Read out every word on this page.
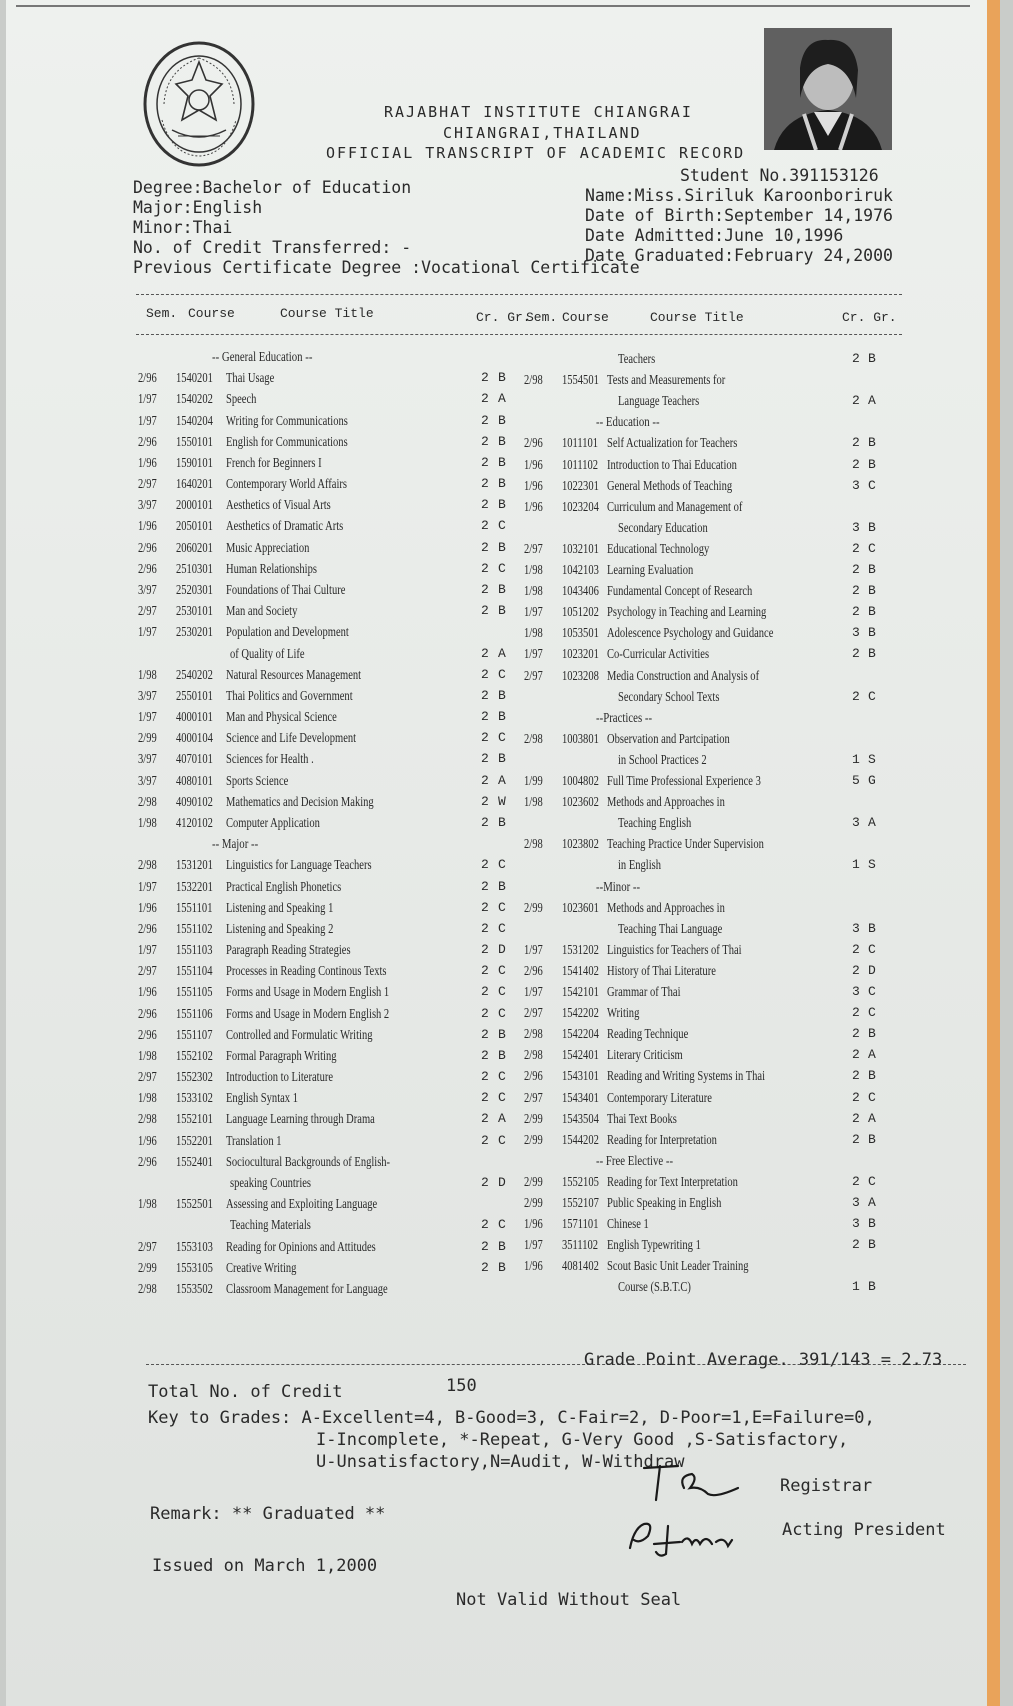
RAJABHAT INSTITUTE CHIANGRAI
CHIANGRAI,THAILAND
OFFICIAL TRANSCRIPT OF ACADEMIC RECORD
Student No.391153126
Name:Miss.Siriluk Karoonboriruk
Date of Birth:September 14,1976
Date Admitted:June 10,1996
Date Graduated:February 24,2000
Degree:Bachelor of Education
Major:English
Minor:Thai
No. of Credit Transferred: -
Previous Certificate Degree :Vocational Certificate
Sem. Course	Course Title	Cr. Gr.
Sem. Course	Course Title	Cr. Gr.
-- General Education --
2/96 1540201 Thai Usage	2 B
1/97 1540202 Speech	2 A
1/97 1540204 Writing for Communications	2 B
2/96 1550101 English for Communications	2 B
1/96 1590101 French for Beginners I	2 B
2/97 1640201 Contemporary World Affairs	2 B
3/97 2000101 Aesthetics of Visual Arts	2 B
1/96 2050101 Aesthetics of Dramatic Arts	2 C
2/96 2060201 Music Appreciation	2 B
2/96 2510301 Human Relationships	2 C
3/97 2520301 Foundations of Thai Culture	2 B
2/97 2530101 Man and Society	2 B
1/97 2530201 Population and Development
of Quality of Life	2 A
1/98 2540202 Natural Resources Management	2 C
3/97 2550101 Thai Politics and Government	2 B
1/97 4000101 Man and Physical Science	2 B
2/99 4000104 Science and Life Development	2 C
3/97 4070101 Sciences for Health .	2 B
3/97 4080101 Sports Science	2 A
2/98 4090102 Mathematics and Decision Making	2 W
1/98 4120102 Computer Application	2 B
-- Major --
2/98 1531201 Linguistics for Language Teachers	2 C
1/97 1532201 Practical English Phonetics	2 B
1/96 1551101 Listening and Speaking 1	2 C
2/96 1551102 Listening and Speaking 2	2 C
1/97 1551103 Paragraph Reading Strategies	2 D
2/97 1551104 Processes in Reading Continous Texts	2 C
1/96 1551105 Forms and Usage in Modern English 1	2 C
2/96 1551106 Forms and Usage in Modern English 2	2 C
2/96 1551107 Controlled and Formulatic Writing	2 B
1/98 1552102 Formal Paragraph Writing	2 B
2/97 1552302 Introduction to Literature	2 C
1/98 1533102 English Syntax 1	2 C
2/98 1552101 Language Learning through Drama	2 A
1/96 1552201 Translation 1	2 C
2/96 1552401 Sociocultural Backgrounds of English-
speaking Countries	2 D
1/98 1552501 Assessing and Exploiting Language
Teaching Materials	2 C
2/97 1553103 Reading for Opinions and Attitudes	2 B
2/99 1553105 Creative Writing	2 B
2/98 1553502 Classroom Management for Language
Teachers	2 B
2/98 1554501 Tests and Measurements for
Language Teachers	2 A
-- Education --
2/96 1011101 Self Actualization for Teachers	2 B
1/96 1011102 Introduction to Thai Education	2 B
1/96 1022301 General Methods of Teaching	3 C
1/96 1023204 Curriculum and Management of
Secondary Education	3 B
2/97 1032101 Educational Technology	2 C
1/98 1042103 Learning Evaluation	2 B
1/98 1043406 Fundamental Concept of Research	2 B
1/97 1051202 Psychology in Teaching and Learning	2 B
1/98 1053501 Adolescence Psychology and Guidance	3 B
1/97 1023201 Co-Curricular Activities	2 B
2/97 1023208 Media Construction and Analysis of
Secondary School Texts	2 C
--Practices --
2/98 1003801 Observation and Partcipation
in School Practices 2	1 S
1/99 1004802 Full Time Professional Experience 3	5 G
1/98 1023602 Methods and Approaches in
Teaching English	3 A
2/98 1023802 Teaching Practice Under Supervision
in English	1 S
--Minor --
2/99 1023601 Methods and Approaches in
Teaching Thai Language	3 B
1/97 1531202 Linguistics for Teachers of Thai	2 C
2/96 1541402 History of Thai Literature	2 D
1/97 1542101 Grammar of Thai	3 C
2/97 1542202 Writing	2 C
2/98 1542204 Reading Technique	2 B
2/98 1542401 Literary Criticism	2 A
2/96 1543101 Reading and Writing Systems in Thai	2 B
2/97 1543401 Contemporary Literature	2 C
2/99 1543504 Thai Text Books	2 A
2/99 1544202 Reading for Interpretation	2 B
-- Free Elective --
2/99 1552105 Reading for Text Interpretation	2 C
2/99 1552107 Public Speaking in English	3 A
1/96 1571101 Chinese 1	3 B
1/97 3511102 English Typewriting 1	2 B
1/96 4081402 Scout Basic Unit Leader Training
Course (S.B.T.C)	1 B
Grade Point Average. 391/143 = 2.73
Total No. of Credit	150
Key to Grades: A-Excellent=4, B-Good=3, C-Fair=2, D-Poor=1,E=Failure=0,
I-Incomplete, *-Repeat, G-Very Good ,S-Satisfactory,
U-Unsatisfactory,N=Audit, W-Withdraw
Registrar
Remark: ** Graduated **
Acting President
Issued on March 1,2000
Not Valid Without Seal
